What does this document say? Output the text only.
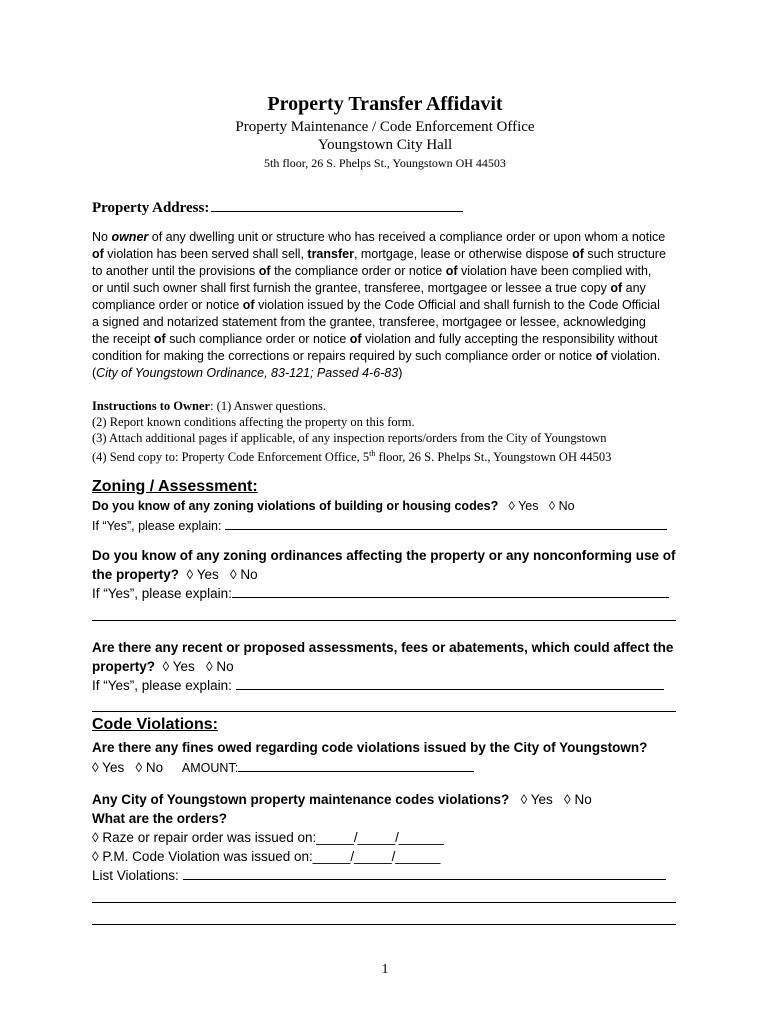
Property Transfer Affidavit
Property Maintenance / Code Enforcement Office
Youngstown City Hall
5th floor, 26 S. Phelps St., Youngstown OH 44503
Property Address:

No owner of any dwelling unit or structure who has received a compliance order or upon whom a notice

of violation has been served shall sell, transfer, mortgage, lease or otherwise dispose of such structure

to another until the provisions of the compliance order or notice of violation have been complied with,

or until such owner shall first furnish the grantee, transferee, mortgagee or lessee a true copy of any

compliance order or notice of violation issued by the Code Official and shall furnish to the Code Official

a signed and notarized statement from the grantee, transferee, mortgagee or lessee, acknowledging

the receipt of such compliance order or notice of violation and fully accepting the responsibility without

condition for making the corrections or repairs required by such compliance order or notice of violation.

(City of Youngstown Ordinance, 83-121; Passed 4-6-83)

Instructions to Owner: (1) Answer questions.

(2) Report known conditions affecting the property on this form.

(3) Attach additional pages if applicable, of any inspection reports/orders from the City of Youngstown

(4) Send copy to: Property Code Enforcement Office, 5th floor, 26 S. Phelps St., Youngstown OH 44503

Zoning / Assessment:
Do you know of any zoning violations of building or housing codes? ◊ Yes ◊ No
If “Yes”, please explain:
Do you know of any zoning ordinances affecting the property or any nonconforming use of
the property? ◊ Yes ◊ No
If “Yes”, please explain:
Are there any recent or proposed assessments, fees or abatements, which could affect the
property? ◊ Yes ◊ No
If “Yes”, please explain:
Code Violations:
Are there any fines owed regarding code violations issued by the City of Youngstown?
◊ Yes ◊ No AMOUNT:
Any City of Youngstown property maintenance codes violations? ◊ Yes ◊ No
What are the orders?
◊ Raze or repair order was issued on:_____/_____/______
◊ P.M. Code Violation was issued on:_____/_____/______
List Violations:
1
